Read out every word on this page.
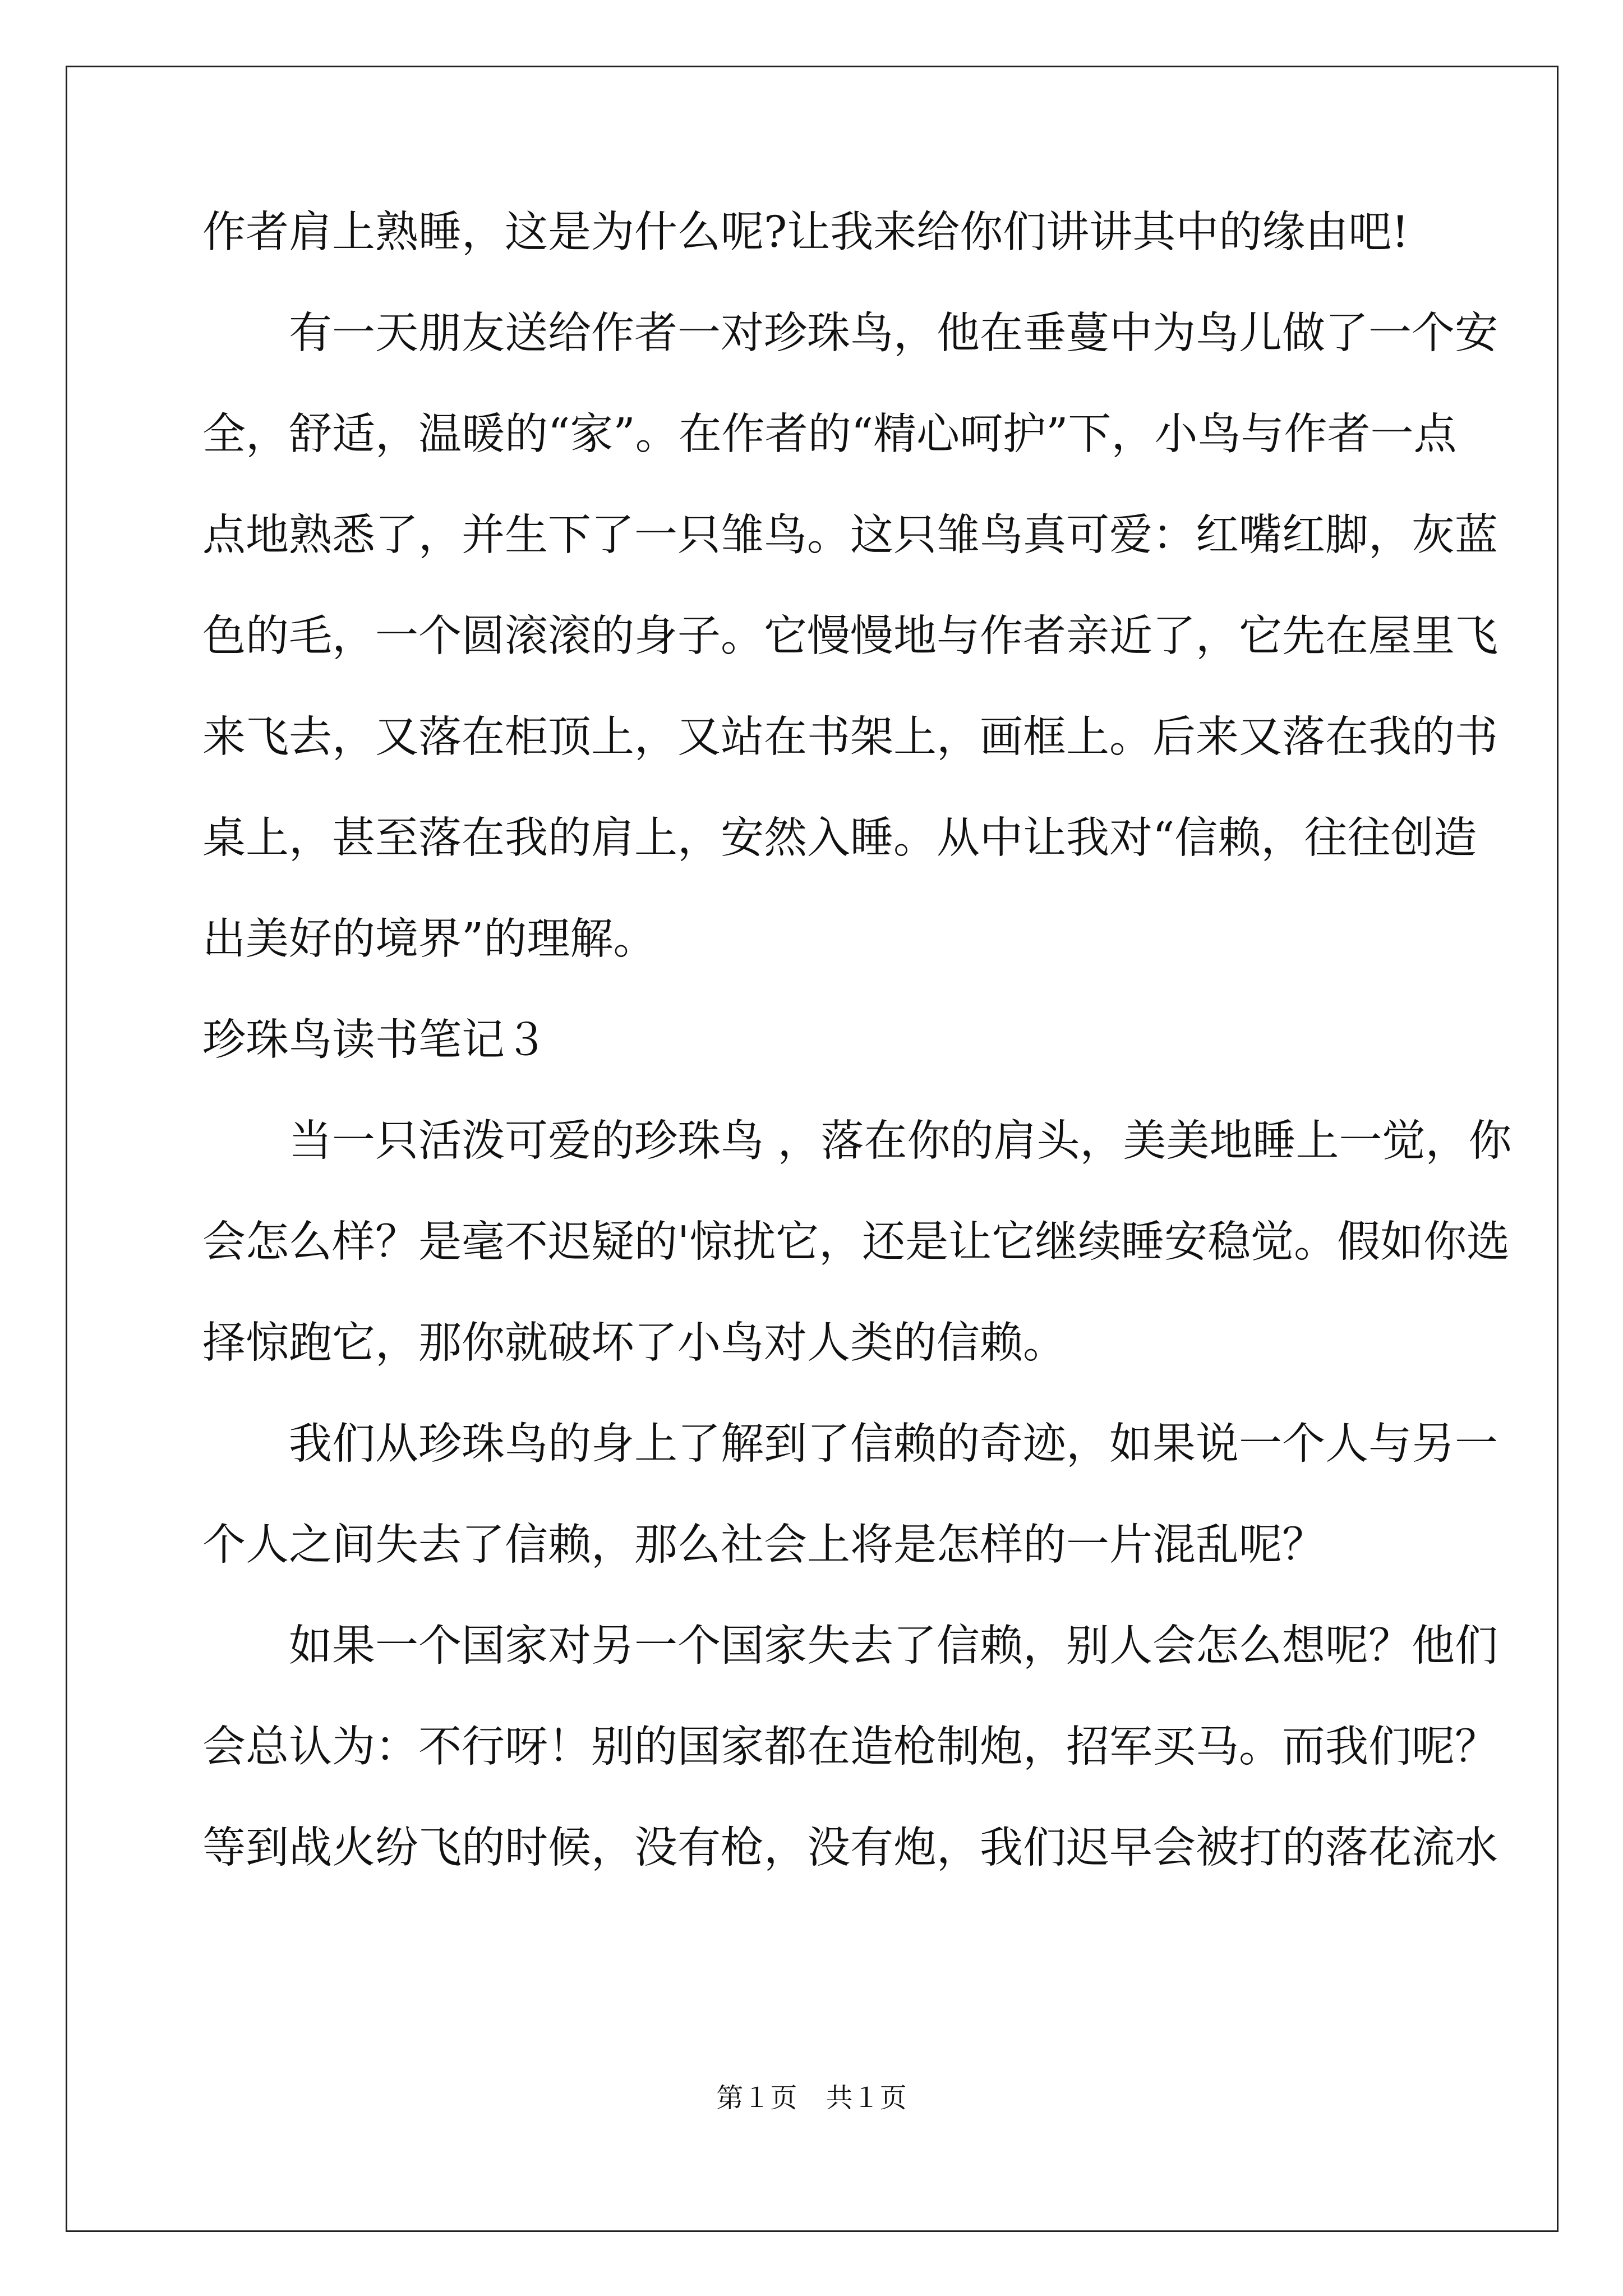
作者肩上熟睡，这是为什么呢?让我来给你们讲讲其中的缘由吧!
　　有一天朋友送给作者一对珍珠鸟，他在垂蔓中为鸟儿做了一个安
全，舒适，温暖的“家”。在作者的“精心呵护”下，小鸟与作者一点
点地熟悉了，并生下了一只雏鸟。这只雏鸟真可爱：红嘴红脚，灰蓝
色的毛，一个圆滚滚的身子。它慢慢地与作者亲近了，它先在屋里飞
来飞去，又落在柜顶上，又站在书架上，画框上。后来又落在我的书
桌上，甚至落在我的肩上，安然入睡。从中让我对“信赖，往往创造
出美好的境界”的理解。
珍珠鸟读书笔记３
　　当一只活泼可爱的珍珠鸟 ，落在你的肩头，美美地睡上一觉，你
会怎么样？是毫不迟疑的'惊扰它，还是让它继续睡安稳觉。假如你选
择惊跑它，那你就破坏了小鸟对人类的信赖。
　　我们从珍珠鸟的身上了解到了信赖的奇迹，如果说一个人与另一
个人之间失去了信赖，那么社会上将是怎样的一片混乱呢？
　　如果一个国家对另一个国家失去了信赖，别人会怎么想呢？他们
会总认为：不行呀！别的国家都在造枪制炮，招军买马。而我们呢？
等到战火纷飞的时候，没有枪，没有炮，我们迟早会被打的落花流水
第１页 共１页
